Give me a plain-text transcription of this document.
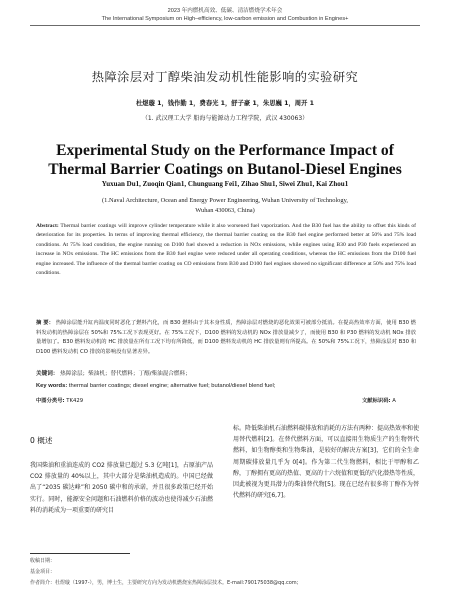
2023 年内燃机高效、低碳、清洁燃烧学术年会
The International Symposium on High–efficiency, low-carbon emission and Combustion in Engines+
热障涂层对丁醇柴油发动机性能影响的实验研究
杜煜璇 1，钱作勤 1，费春光 1，舒子豪 1，朱思巍 1，周开 1
（1. 武汉理工大学 船海与能源动力工程学院，武汉 430063）
Experimental Study on the Performance Impact of
Thermal Barrier Coatings on Butanol-Diesel Engines
Yuxuan Du1, Zuoqin Qian1, Chunguang Fei1, Zihao Shu1, Siwei Zhu1, Kai Zhou1
(1.Naval Architecture, Ocean and Energy Power Engineering, Wuhan University of Technology,
Wuhan 430063, China)
Abstract: Thermal barrier coatings will improve cylinder temperature while it also worsened fuel vaporization. And the B30 fuel has the ability to offset this kinds of deterioration for its properties. In terms of improving thermal efficiency, the thermal barrier coating on the B30 fuel engine performed better at 50% and 75% load conditions. At 75% load condition, the engine running on D100 fuel showed a reduction in NOx emissions, while engines using B30 and P30 fuels experienced an increase in NOx emissions. The HC emissions from the B30 fuel engine were reduced under all operating conditions, whereas the HC emissions from the D100 fuel engine increased. The influence of the thermal barrier coating on CO emissions from B30 and D100 fuel engines showed no significant difference at 50% and 75% load conditions.
摘 要： 热障涂层能升缸内温度同时恶化了燃料汽化，而 B30 燃料由于其本身性质，热障涂层对燃烧的恶化效果可被部分抵消。在提高热效率方面，使用 B30 燃料发动机的热障涂层在 50%和 75%工况下表现更好。在 75%工况下，D100 燃料的发动机的 NOx 排放量减少了，而使用 B30 和 P30 燃料的发动机 NOx 排放量增加了。B30 燃料发动机的 HC 排放量在所有工况下均有所降低，而 D100 燃料发动机的 HC 排放量则有所提高。在 50%和 75%工况下，热障涂层对 B30 和 D100 燃料发动机 CO 排放的影响没有显著差异。
关键词： 热障涂层；柴油机；替代燃料；丁醇/柴油混合燃料；
Key words: thermal barrier coatings; diesel engine; alternative fuel; butanol/diesel blend fuel;
中图分类号: TK429	文献标识码: A
0 概述
我国柴油和重油连成的 CO2 排放量已超过 5.3 亿吨[1]，占原油产品 CO2 排放量的 40%以上，其中大部分是柴油机造成的。中国已经做出了“2035 碳达峰”和 2050 碳中和的承诺，并且很多政策已经开始实行。同时，能源安全问题和石油燃料价格的波动也使得减少石油燃料的消耗成为一项重要的研究目
标。降低柴油机石油燃料碳排放和消耗的方法有两种：提高热效率和使用替代燃料[2]。在替代燃料方面，可以直接用生物质生产的生物替代燃料，如生物醇类和生物柴油，是较好的解决方案[3]，它们的全生命周期碳排放量几乎为 0[4]。作为第二代生物燃料，相比于甲醇和乙醇，丁醇拥有更高的热值、更高的十六烷值和更低的汽化潜热等性质，因此被视为更具潜力的柴油替代物[5]。现在已经有很多将丁醇作为替代燃料的研究[6,7]。
收稿日期：
基金项目：
作者简介：杜煜璇（1997-），男，博士生，主要研究方向为发动机燃烧室热障涂层技术。E-mail:790175038@qq.com;
